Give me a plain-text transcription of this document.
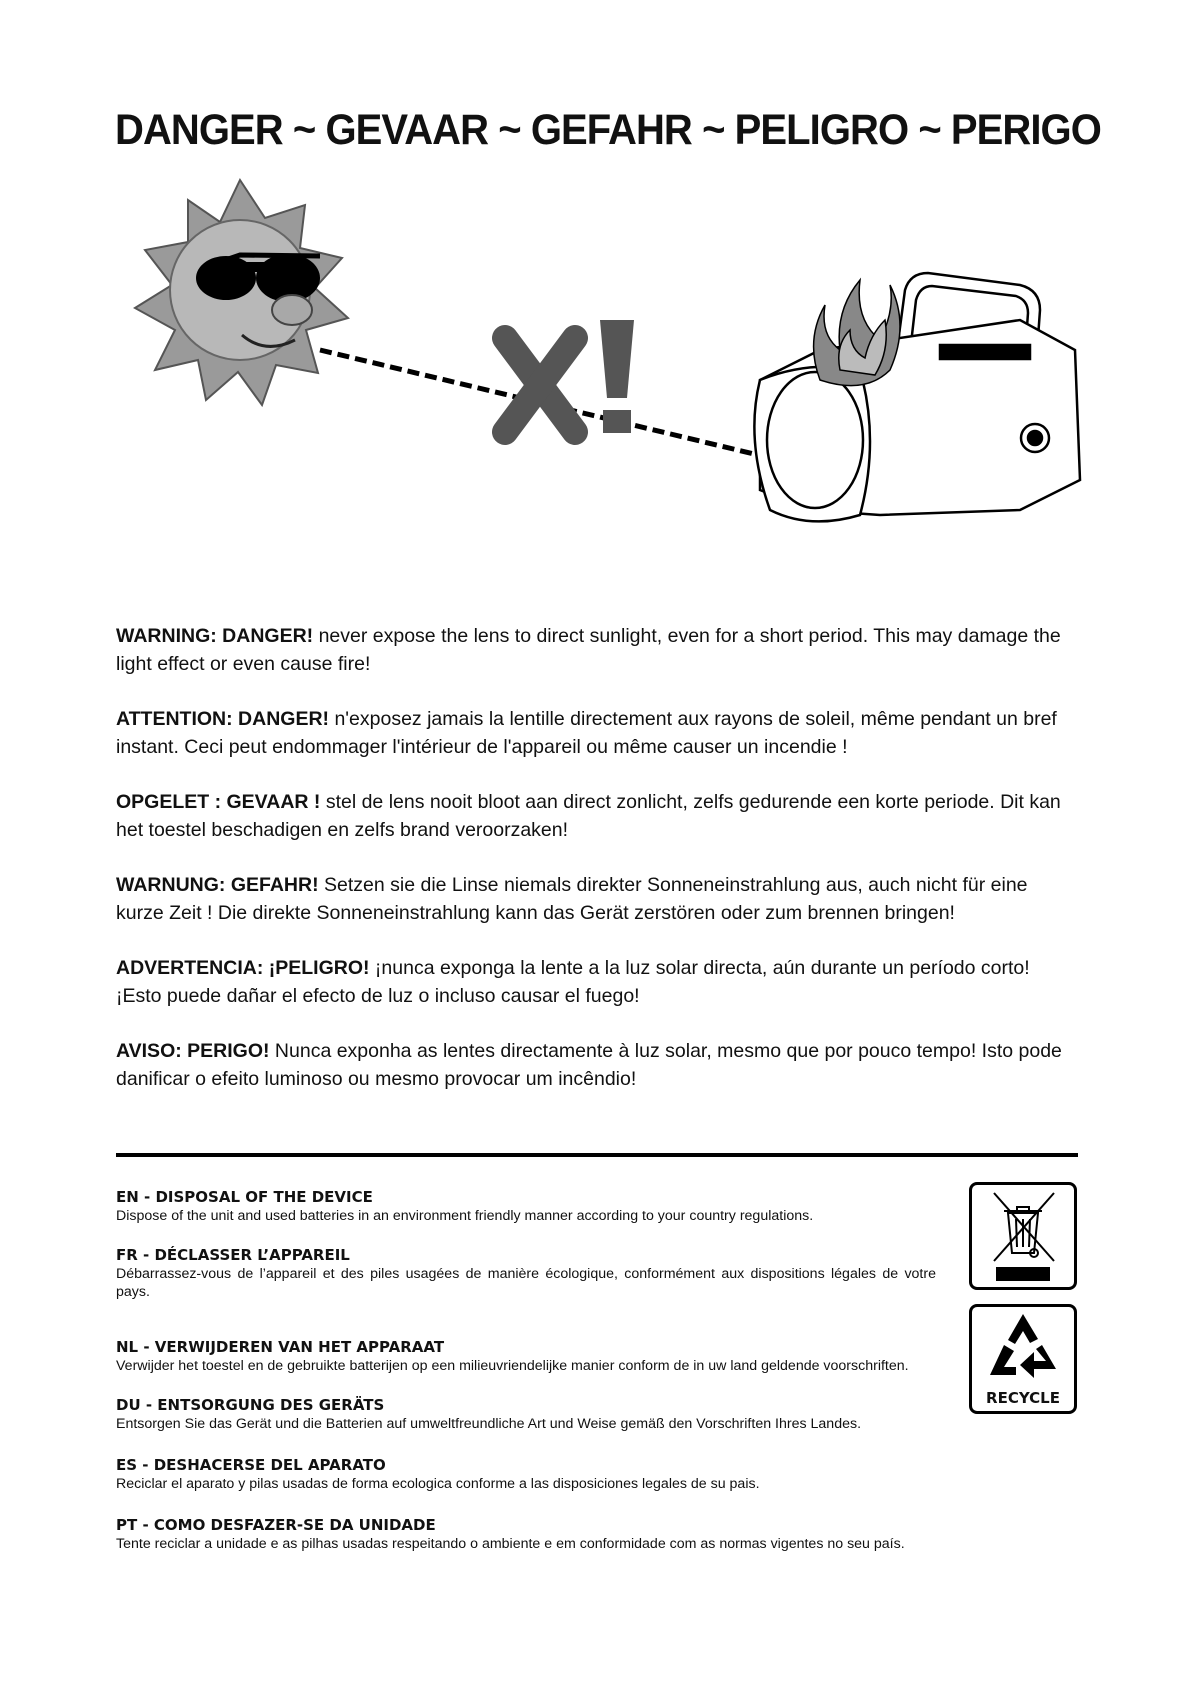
DANGER ~ GEVAAR ~ GEFAHR ~ PELIGRO ~ PERIGO

WARNING: DANGER! never expose the lens to direct sunlight, even for a short period. This may damage the light effect or even cause fire!

ATTENTION: DANGER! n'exposez jamais la lentille directement aux rayons de soleil, même pendant un bref instant. Ceci peut endommager l'intérieur de l'appareil ou même causer un incendie !

OPGELET : GEVAAR ! stel de lens nooit bloot aan direct zonlicht, zelfs gedurende een korte periode. Dit kan het toestel beschadigen en zelfs brand veroorzaken!

WARNUNG: GEFAHR! Setzen sie die Linse niemals direkter Sonneneinstrahlung aus, auch nicht für eine kurze Zeit ! Die direkte Sonneneinstrahlung kann das Gerät zerstören oder zum brennen bringen!

ADVERTENCIA: ¡PELIGRO! ¡nunca exponga la lente a la luz solar directa, aún durante un período corto! ¡Esto puede dañar el efecto de luz o incluso causar el fuego!

AVISO: PERIGO! Nunca exponha as lentes directamente à luz solar, mesmo que por pouco tempo! Isto pode danificar o efeito luminoso ou mesmo provocar um incêndio!

EN - DISPOSAL OF THE DEVICE
Dispose of the unit and used batteries in an environment friendly manner according to your country regulations.
FR - DÉCLASSER L’APPAREIL
Débarrassez-vous de l’appareil et des piles usagées de manière écologique, conformément aux dispositions légales de votre pays.
NL - VERWIJDEREN VAN HET APPARAAT
Verwijder het toestel en de gebruikte batterijen op een milieuvriendelijke manier conform de in uw land geldende voorschriften.
DU - ENTSORGUNG DES GERÄTS
Entsorgen Sie das Gerät und die Batterien auf umweltfreundliche Art und Weise gemäß den Vorschriften Ihres Landes.
ES - DESHACERSE DEL APARATO
Reciclar el aparato y pilas usadas de forma ecologica conforme a las disposiciones legales de su pais.
PT - COMO DESFAZER-SE DA UNIDADE
Tente reciclar a unidade e as pilhas usadas respeitando o ambiente e em conformidade com as normas vigentes no seu país.
RECYCLE
